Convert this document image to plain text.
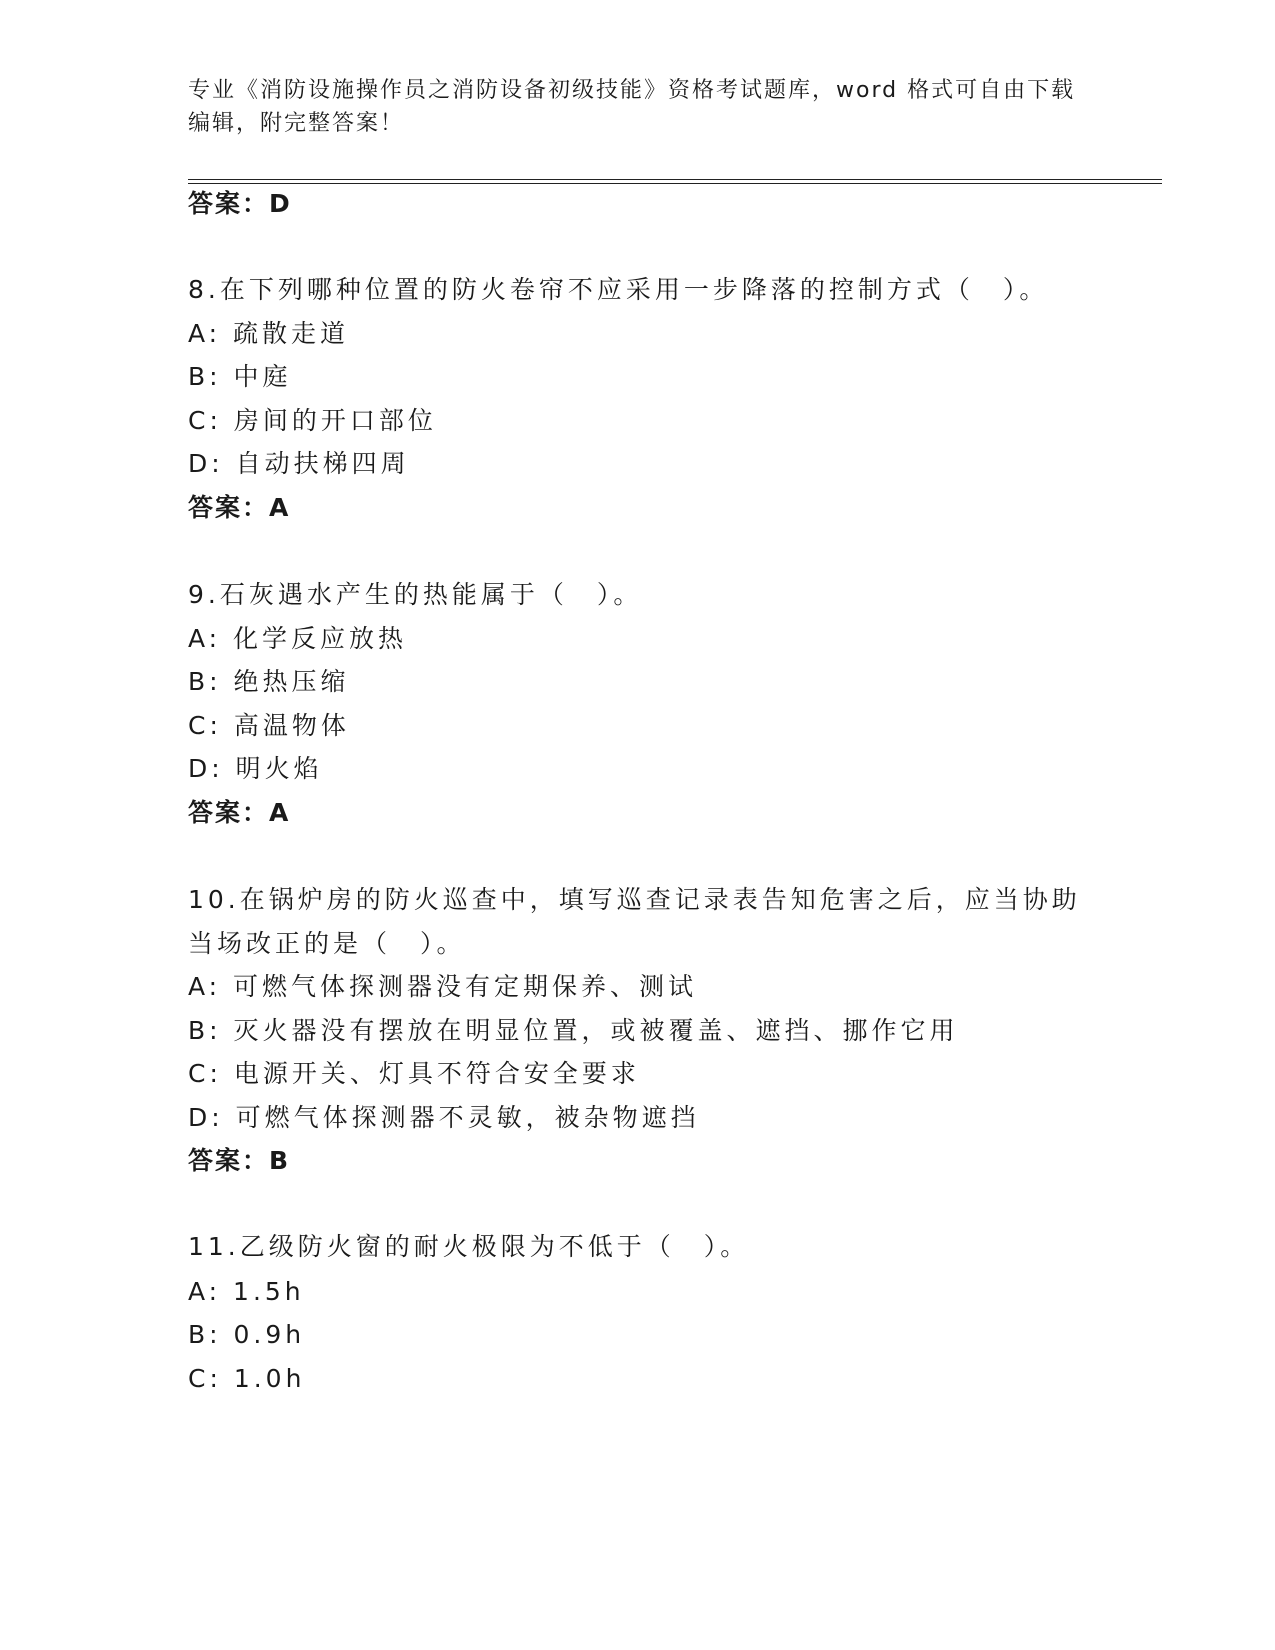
专业《消防设施操作员之消防设备初级技能》资格考试题库，word 格式可自由下载编辑，附完整答案！
答案：D
8.在下列哪种位置的防火卷帘不应采用一步降落的控制方式（　）。
A: 疏散走道
B: 中庭
C: 房间的开口部位
D: 自动扶梯四周
答案：A
9.石灰遇水产生的热能属于（　）。
A: 化学反应放热
B: 绝热压缩
C: 高温物体
D: 明火焰
答案：A
10.在锅炉房的防火巡查中，填写巡查记录表告知危害之后，应当协助
当场改正的是（　）。
A: 可燃气体探测器没有定期保养、测试
B: 灭火器没有摆放在明显位置，或被覆盖、遮挡、挪作它用
C: 电源开关、灯具不符合安全要求
D: 可燃气体探测器不灵敏，被杂物遮挡
答案：B
11.乙级防火窗的耐火极限为不低于（　）。
A: 1.5h
B: 0.9h
C: 1.0h
